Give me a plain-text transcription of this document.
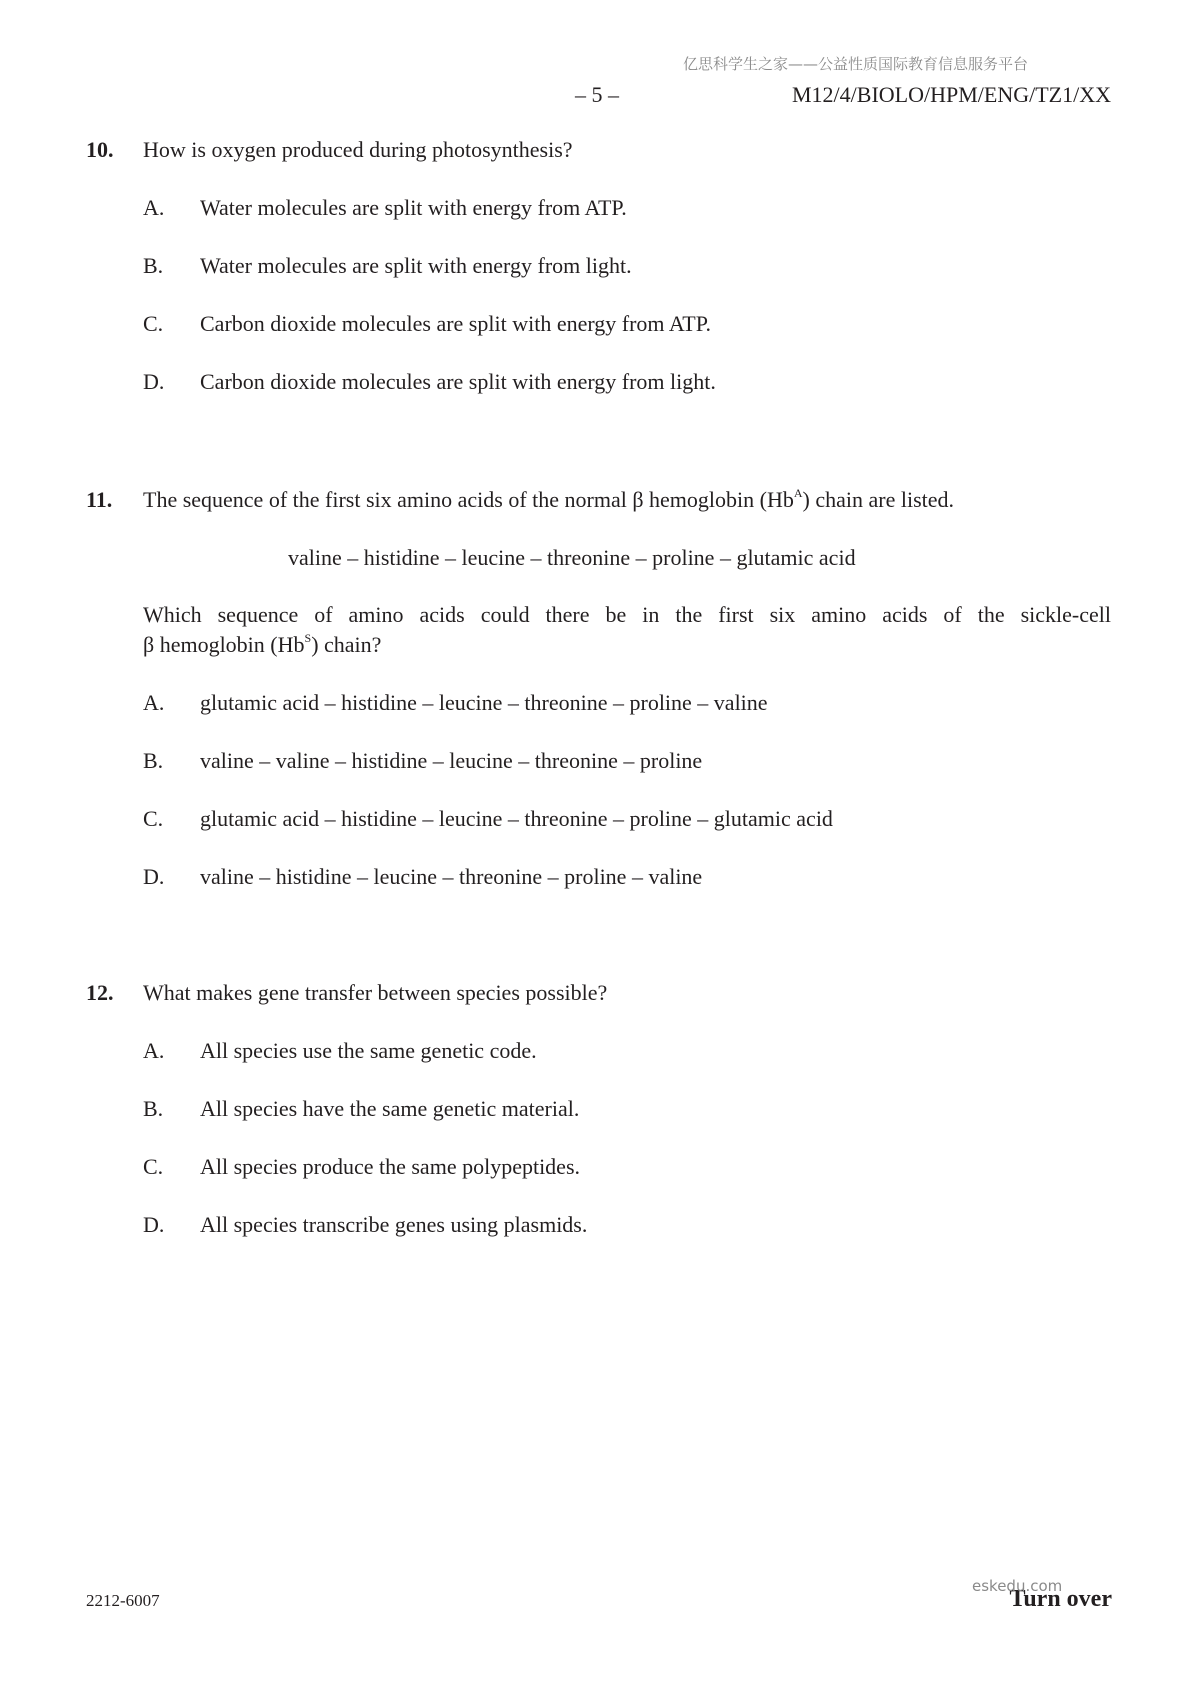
亿思科学生之家——公益性质国际教育信息服务平台
– 5 –	M12/4/BIOLO/HPM/ENG/TZ1/XX
10. How is oxygen produced during photosynthesis?
A. Water molecules are split with energy from ATP.
B. Water molecules are split with energy from light.
C. Carbon dioxide molecules are split with energy from ATP.
D. Carbon dioxide molecules are split with energy from light.
11. The sequence of the first six amino acids of the normal β hemoglobin $(Hb^A)$ chain are listed.
valine – histidine – leucine – threonine – proline – glutamic acid
Which sequence of amino acids could there be in the first six amino acids of the sickle-cell
β hemoglobin $(Hb^S)$ chain?
A. glutamic acid – histidine – leucine – threonine – proline – valine
B. valine – valine – histidine – leucine – threonine – proline
C. glutamic acid – histidine – leucine – threonine – proline – glutamic acid
D. valine – histidine – leucine – threonine – proline – valine
12. What makes gene transfer between species possible?
A. All species use the same genetic code.
B. All species have the same genetic material.
C. All species produce the same polypeptides.
D. All species transcribe genes using plasmids.
2212-6007	Turn over
eskedu.com
